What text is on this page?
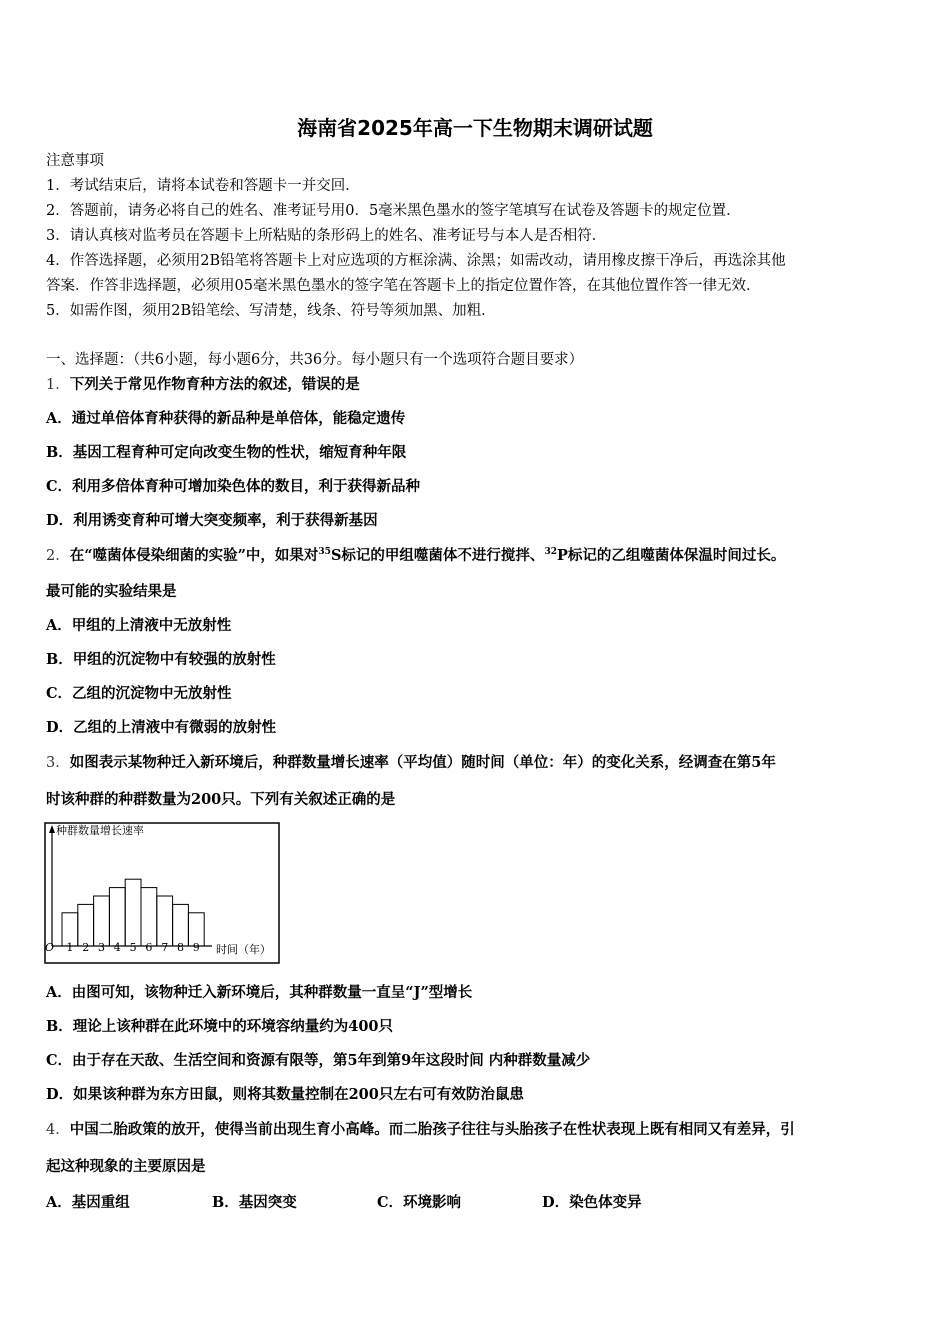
海南省2025年高一下生物期末调研试题
注意事项
1．考试结束后，请将本试卷和答题卡一并交回．
2．答题前，请务必将自己的姓名、准考证号用0．5毫米黑色墨水的签字笔填写在试卷及答题卡的规定位置．
3．请认真核对监考员在答题卡上所粘贴的条形码上的姓名、准考证号与本人是否相符．
4．作答选择题，必须用2B铅笔将答题卡上对应选项的方框涂满、涂黑；如需改动，请用橡皮擦干净后，再选涂其他
答案．作答非选择题，必须用05毫米黑色墨水的签字笔在答题卡上的指定位置作答，在其他位置作答一律无效．
5．如需作图，须用2B铅笔绘、写清楚，线条、符号等须加黑、加粗．
一、选择题：（共6小题，每小题6分，共36分。每小题只有一个选项符合题目要求）
1．下列关于常见作物育种方法的叙述，错误的是
A．通过单倍体育种获得的新品种是单倍体，能稳定遗传
B．基因工程育种可定向改变生物的性状，缩短育种年限
C．利用多倍体育种可增加染色体的数目，利于获得新品种
D．利用诱变育种可增大突变频率，利于获得新基因
2．在“噬菌体侵染细菌的实验”中，如果对$^{35}$S标记的甲组噬菌体不进行搅拌、$^{32}$P标记的乙组噬菌体保温时间过长。
最可能的实验结果是
A．甲组的上清液中无放射性
B．甲组的沉淀物中有较强的放射性
C．乙组的沉淀物中无放射性
D．乙组的上清液中有微弱的放射性
3．如图表示某物种迁入新环境后，种群数量增长速率（平均值）随时间（单位：年）的变化关系，经调查在第5年
时该种群的种群数量为200只。下列有关叙述正确的是
种群数量增长速率
O	时间（年）
1 2 3 4 5 6 7 8 9
A．由图可知，该物种迁入新环境后，其种群数量一直呈“J”型增长
B．理论上该种群在此环境中的环境容纳量约为400只
C．由于存在天敌、生活空间和资源有限等，第5年到第9年这段时间 内种群数量减少
D．如果该种群为东方田鼠，则将其数量控制在200只左右可有效防治鼠患
4．中国二胎政策的放开，使得当前出现生育小高峰。而二胎孩子往往与头胎孩子在性状表现上既有相同又有差异，引
起这种现象的主要原因是
A．基因重组	B．基因突变	C．环境影响	D．染色体变异
